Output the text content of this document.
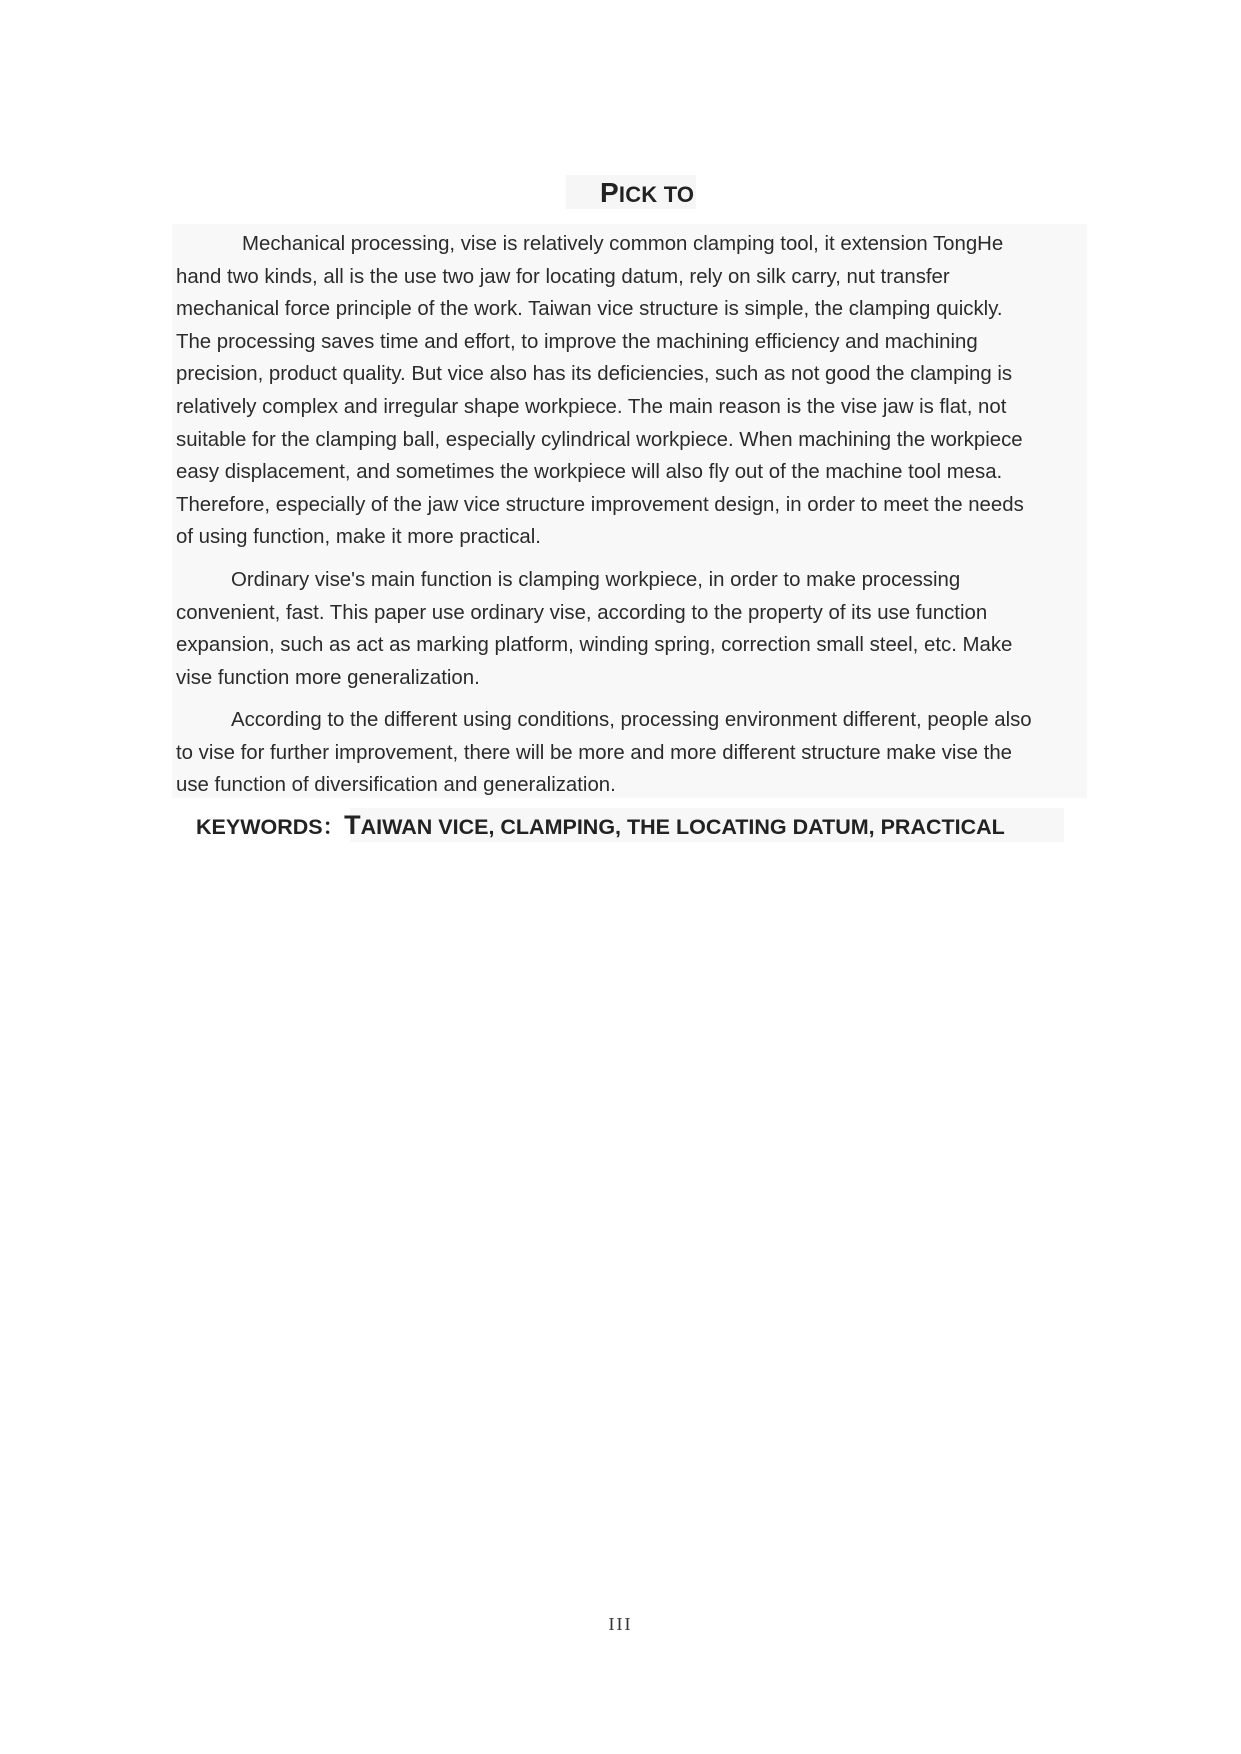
PICK TO

Mechanical processing, vise is relatively common clamping tool, it extension TongHe
hand two kinds, all is the use two jaw for locating datum, rely on silk carry, nut transfer
mechanical force principle of the work. Taiwan vice structure is simple, the clamping quickly.
The processing saves time and effort, to improve the machining efficiency and machining
precision, product quality. But vice also has its deficiencies, such as not good the clamping is
relatively complex and irregular shape workpiece. The main reason is the vise jaw is flat, not
suitable for the clamping ball, especially cylindrical workpiece. When machining the workpiece
easy displacement, and sometimes the workpiece will also fly out of the machine tool mesa.
Therefore, especially of the jaw vice structure improvement design, in order to meet the needs
of using function, make it more practical.

Ordinary vise's main function is clamping workpiece, in order to make processing
convenient, fast. This paper use ordinary vise, according to the property of its use function
expansion, such as act as marking platform, winding spring, correction small steel, etc. Make
vise function more generalization.

According to the different using conditions, processing environment different, people also
to vise for further improvement, there will be more and more different structure make vise the
use function of diversification and generalization.

KEYWORDS：TAIWAN VICE, CLAMPING, THE LOCATING DATUM, PRACTICAL
III
